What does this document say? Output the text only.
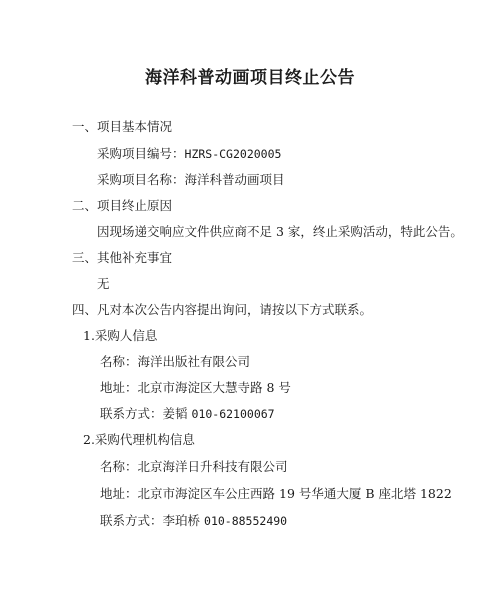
海洋科普动画项目终止公告
一、项目基本情况
采购项目编号：HZRS-CG2020005
采购项目名称：海洋科普动画项目
二、项目终止原因
因现场递交响应文件供应商不足 3 家，终止采购活动，特此公告。
三、其他补充事宜
无
四、凡对本次公告内容提出询问，请按以下方式联系。
1.采购人信息
名称：海洋出版社有限公司
地址：北京市海淀区大慧寺路 8 号
联系方式：姜韬 010-62100067
2.采购代理机构信息
名称：北京海洋日升科技有限公司
地址：北京市海淀区车公庄西路 19 号华通大厦 B 座北塔 1822
联系方式：李珀桥 010-88552490
